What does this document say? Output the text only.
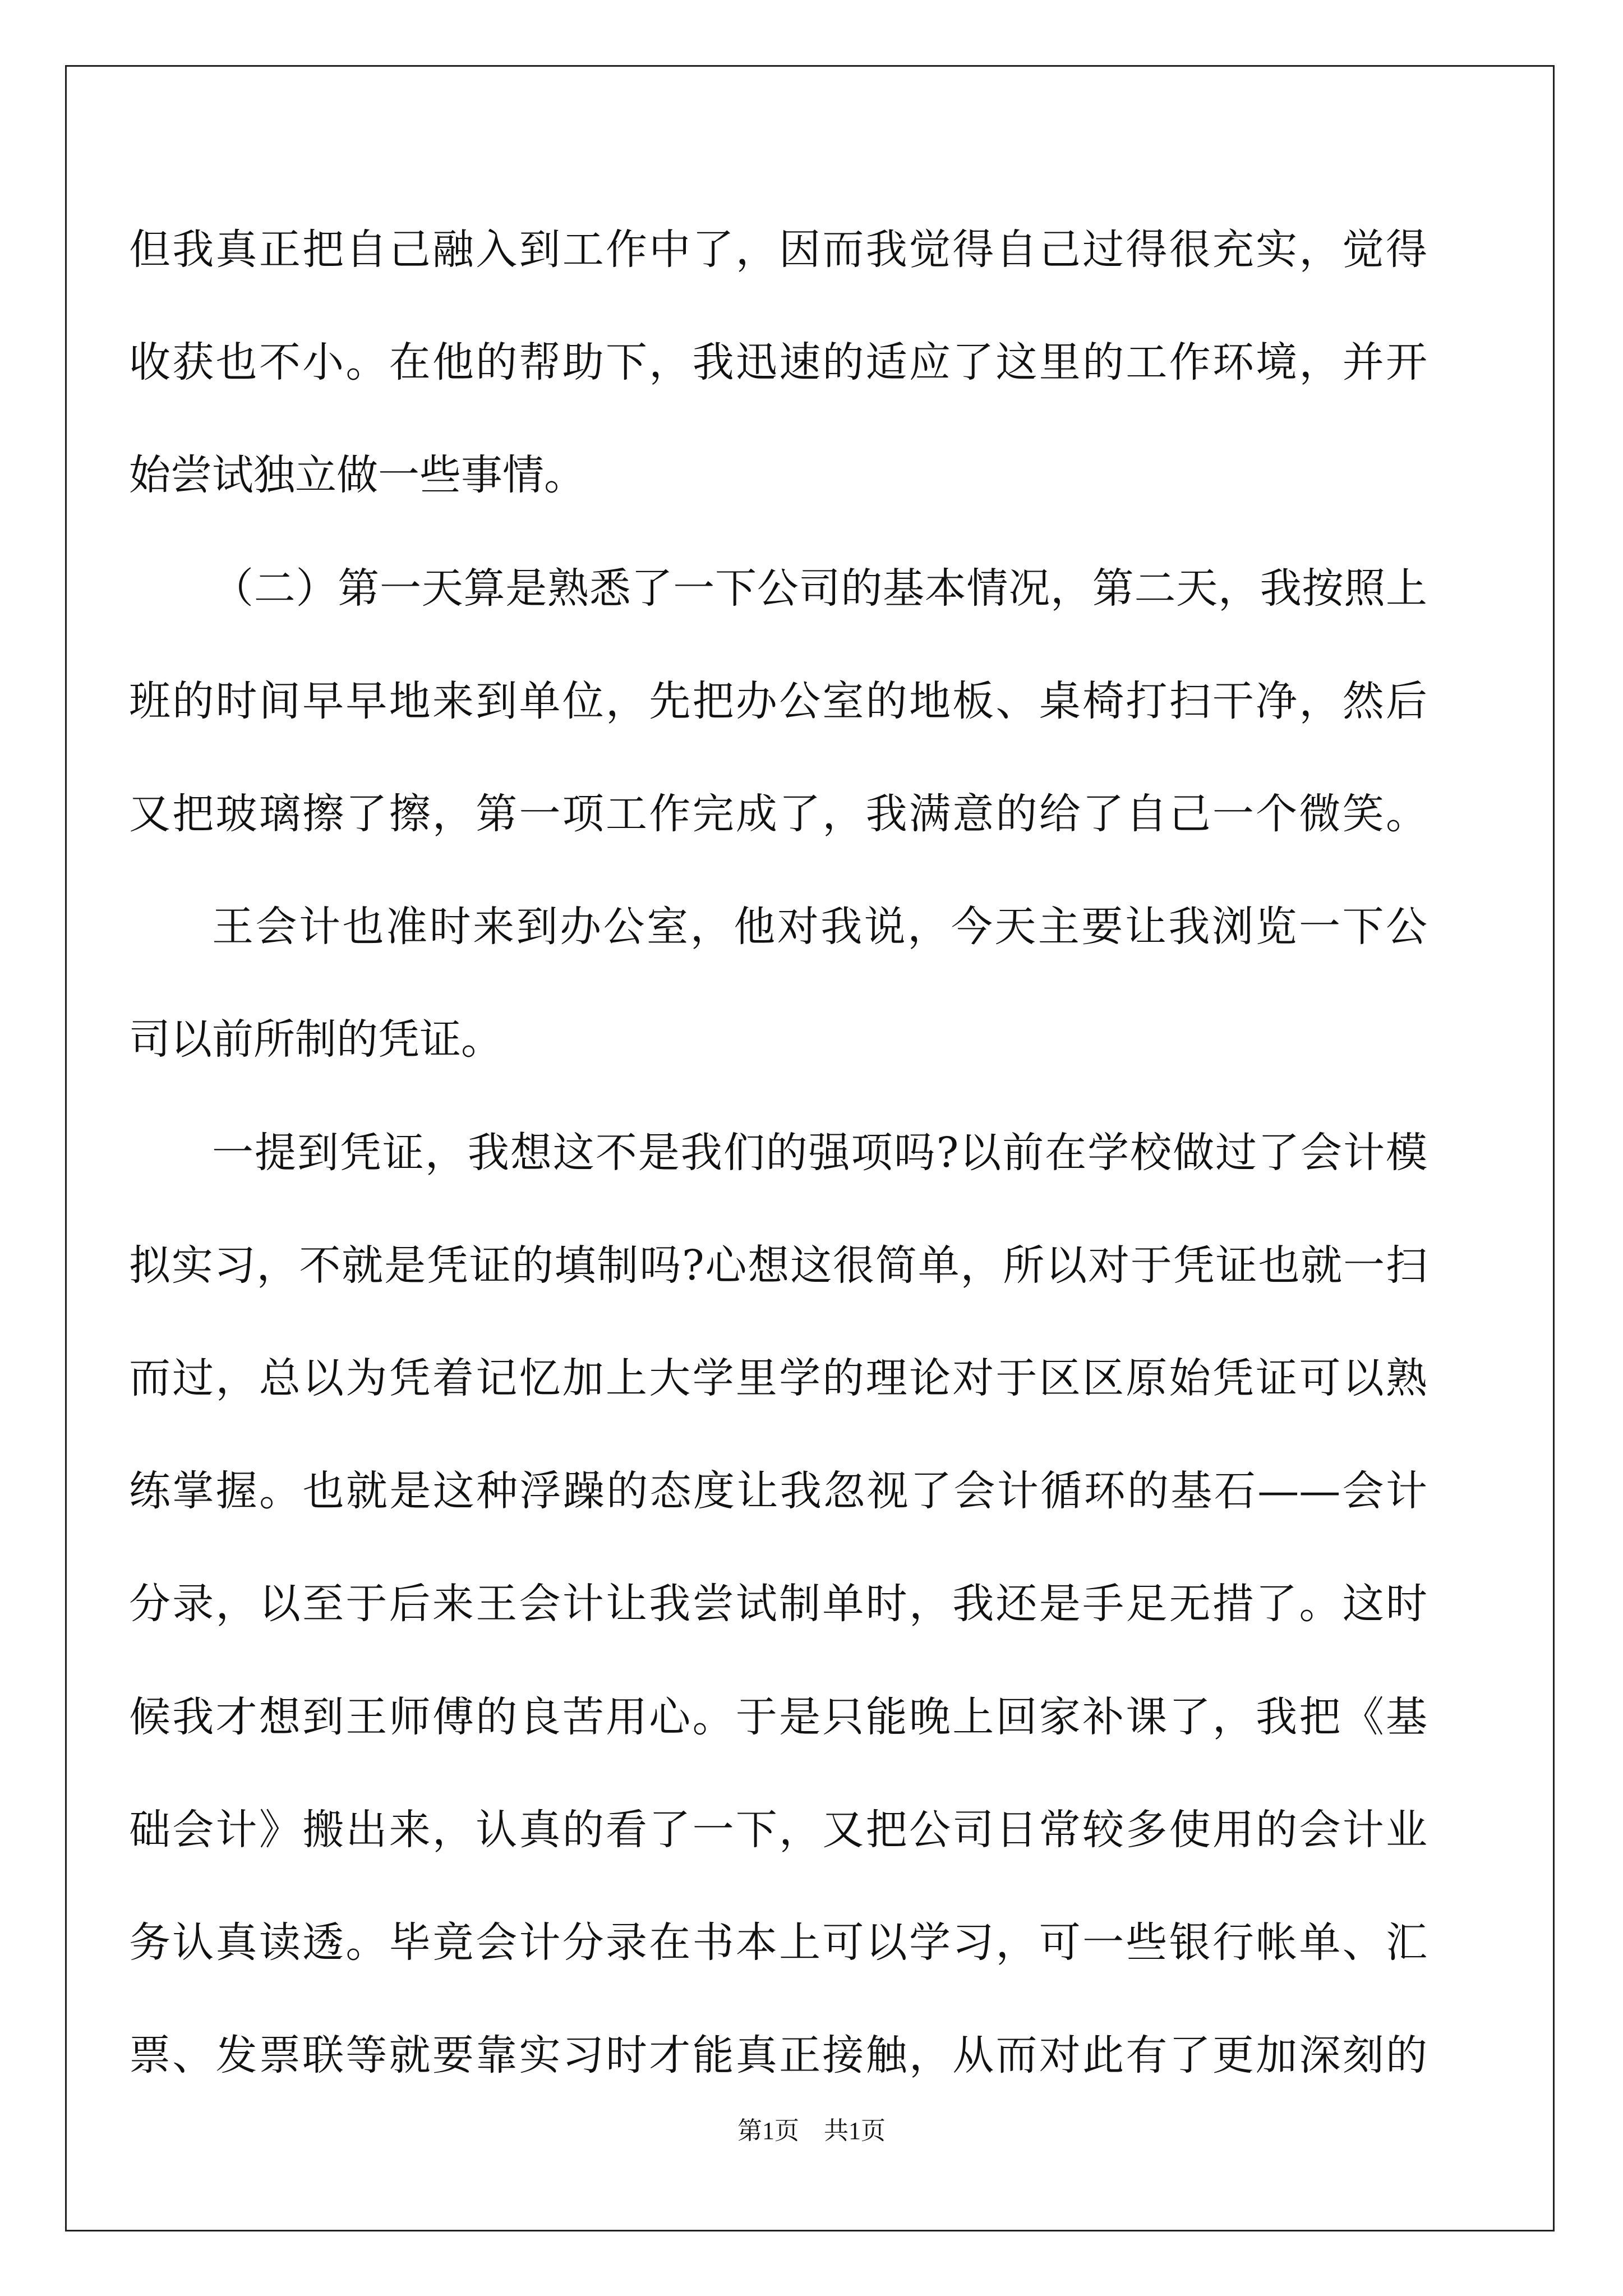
但我真正把自己融入到工作中了，因而我觉得自己过得很充实，觉得
收获也不小。在他的帮助下，我迅速的适应了这里的工作环境，并开
始尝试独立做一些事情。
（二）第一天算是熟悉了一下公司的基本情况，第二天，我按照上
班的时间早早地来到单位，先把办公室的地板、桌椅打扫干净，然后
又把玻璃擦了擦，第一项工作完成了，我满意的给了自己一个微笑。
王会计也准时来到办公室，他对我说，今天主要让我浏览一下公
司以前所制的凭证。
一提到凭证，我想这不是我们的强项吗?以前在学校做过了会计模
拟实习，不就是凭证的填制吗?心想这很简单，所以对于凭证也就一扫
而过，总以为凭着记忆加上大学里学的理论对于区区原始凭证可以熟
练掌握。也就是这种浮躁的态度让我忽视了会计循环的基石——会计
分录，以至于后来王会计让我尝试制单时，我还是手足无措了。这时
候我才想到王师傅的良苦用心。于是只能晚上回家补课了，我把《基
础会计》搬出来，认真的看了一下，又把公司日常较多使用的会计业
务认真读透。毕竟会计分录在书本上可以学习，可一些银行帐单、汇
票、发票联等就要靠实习时才能真正接触，从而对此有了更加深刻的
第1页　共1页
